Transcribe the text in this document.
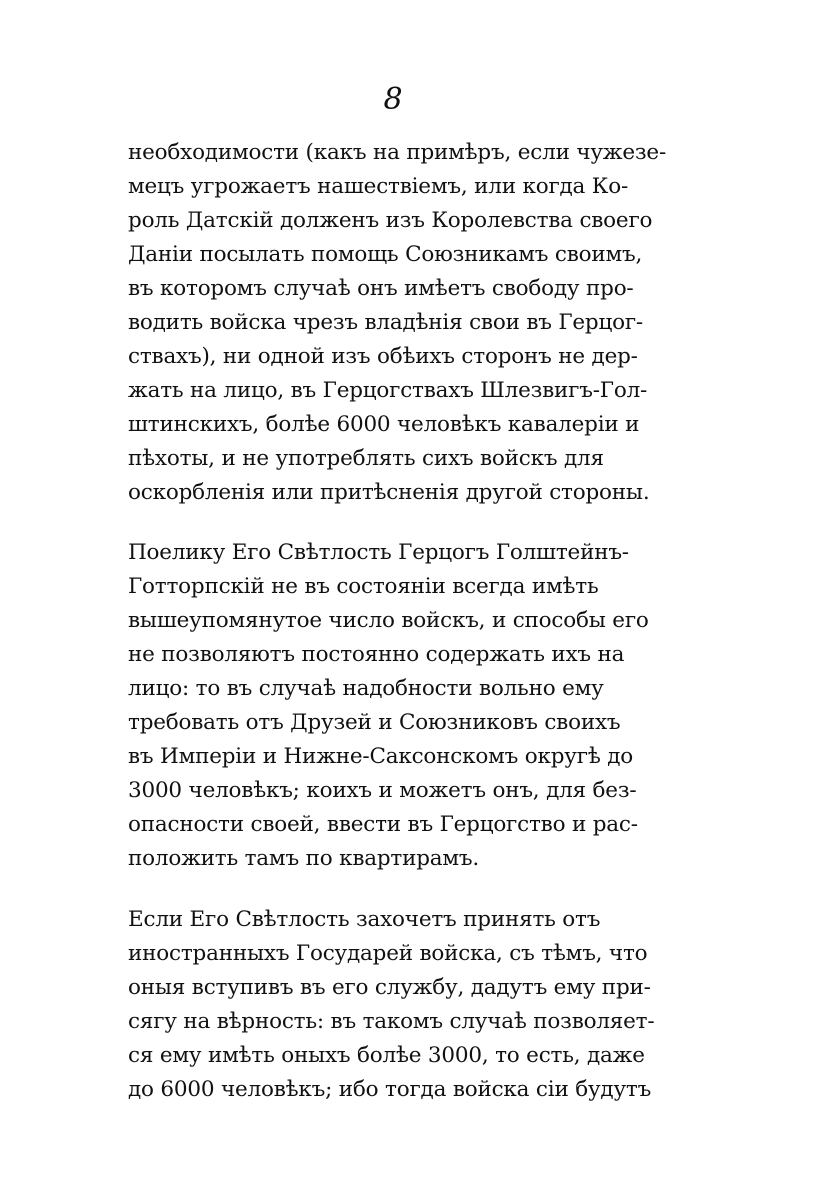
8
необходимости (какъ на примѣръ, если чужезе-
мецъ угрожаетъ нашествіемъ, или когда Ко-
роль Датскій долженъ изъ Королевства своего
Даніи посылать помощь Союзникамъ своимъ,
въ которомъ случаѣ онъ имѣетъ свободу про-
водить войска чрезъ владѣнія свои въ Герцог-
ствахъ), ни одной изъ обѣихъ сторонъ не дер-
жать на лицо, въ Герцогствахъ Шлезвигъ-Гол-
штинскихъ, болѣе 6000 человѣкъ кавалеріи и
пѣхоты, и не употреблять сихъ войскъ для
оскорбленія или притѣсненія другой стороны.
Поелику Его Свѣтлость Герцогъ Голштейнъ-
Готторпскій не въ состояніи всегда имѣть
вышеупомянутое число войскъ, и способы его
не позволяютъ постоянно содержать ихъ на
лицо: то въ случаѣ надобности вольно ему
требовать отъ Друзей и Союзниковъ своихъ
въ Имперіи и Нижне-Саксонскомъ округѣ до
3000 человѣкъ; коихъ и можетъ онъ, для без-
опасности своей, ввести въ Герцогство и рас-
положить тамъ по квартирамъ.
Если Его Свѣтлость захочетъ принять отъ
иностранныхъ Государей войска, съ тѣмъ, что
оныя вступивъ въ его службу, дадутъ ему при-
сягу на вѣрность: въ такомъ случаѣ позволяет-
ся ему имѣть оныхъ болѣе 3000, то есть, даже
до 6000 человѣкъ; ибо тогда войска сіи будутъ
